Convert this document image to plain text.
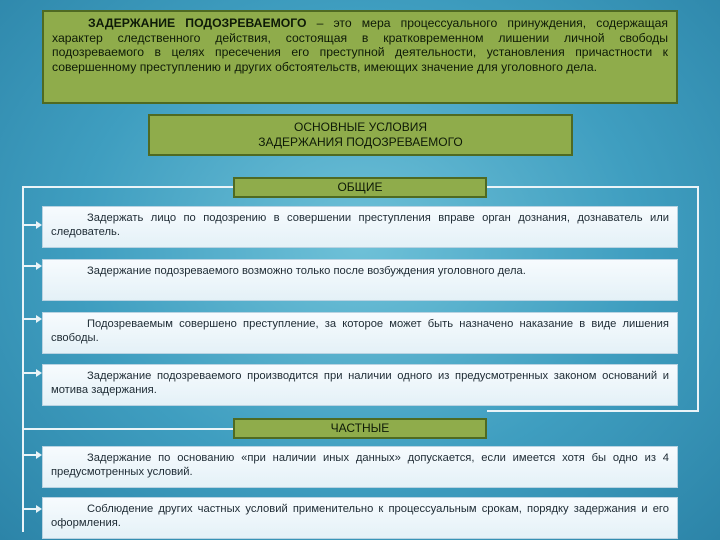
ЗАДЕРЖАНИЕ ПОДОЗРЕВАЕМОГО – это мера процессуального принуждения, содержащая характер следственного действия, состоящая в кратковременном лишении личной свободы подозреваемого в целях пресечения его преступной деятельности, установления причастности к совершенному преступлению и других обстоятельств, имеющих значение для уголовного дела.
ОСНОВНЫЕ УСЛОВИЯ
ЗАДЕРЖАНИЯ ПОДОЗРЕВАЕМОГО
ОБЩИЕ
Задержать лицо по подозрению в совершении преступления вправе орган дознания, дознаватель или следователь.
Задержание подозреваемого возможно только после возбуждения уголовного дела.
Подозреваемым совершено преступление, за которое может быть назначено наказание в виде лишения свободы.
Задержание подозреваемого производится при наличии одного из предусмотренных законом оснований и мотива задержания.
ЧАСТНЫЕ
Задержание по основанию «при наличии иных данных» допускается, если имеется хотя бы одно из 4 предусмотренных условий.
Соблюдение других частных условий применительно к процессуальным срокам, порядку задержания и его оформления.
